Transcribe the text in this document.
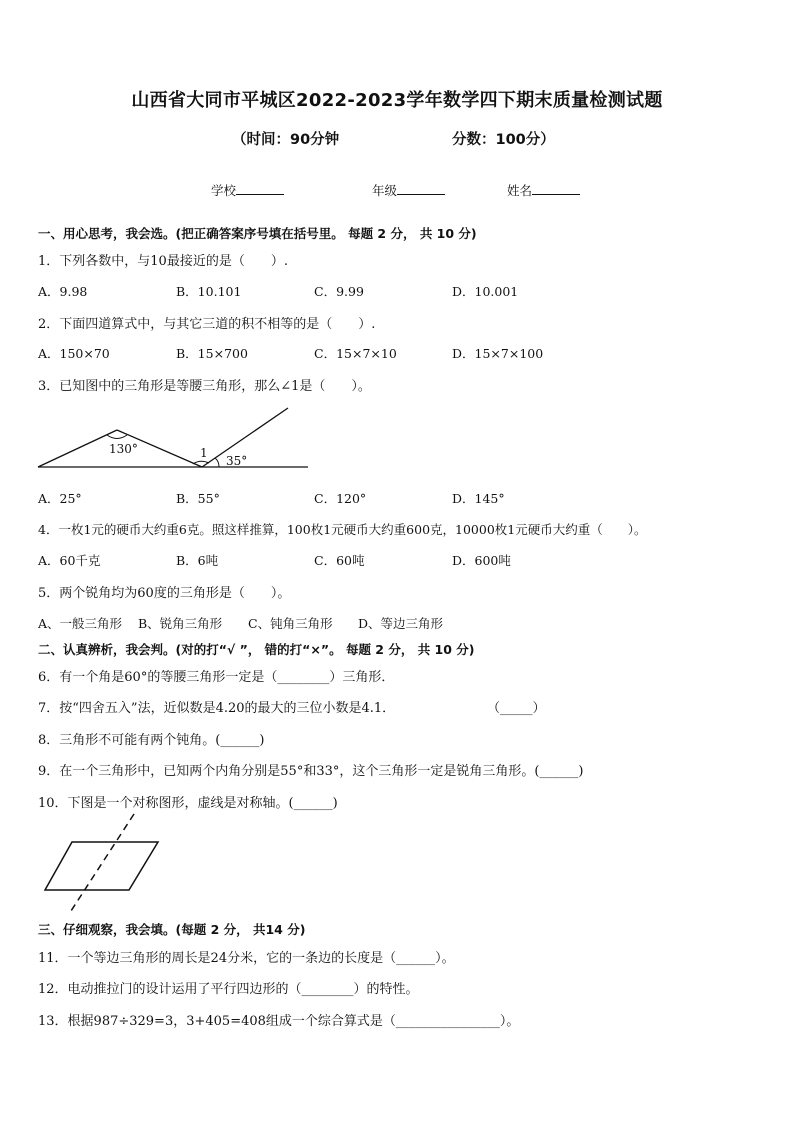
山西省大同市平城区2022-2023学年数学四下期末质量检测试题
（时间：90分钟	分数：100分）
学校	年级	姓名
一、用心思考，我会选。(把正确答案序号填在括号里。 每题 2 分， 共 10 分)
1．下列各数中，与10最接近的是（　　）.
A．9.98	B．10.101	C．9.99	D．10.001
2．下面四道算式中，与其它三道的积不相等的是（　　）.
A．150×70	B．15×700	C．15×7×10	D．15×7×100
3．已知图中的三角形是等腰三角形，那么∠1是（　　）。
130°	1
35°
A．25°	B．55°	C．120°	D．145°
4．一枚1元的硬币大约重6克。照这样推算，100枚1元硬币大约重600克，10000枚1元硬币大约重（　　）。
A．60千克	B．6吨	C．60吨	D．600吨
5．两个锐角均为60度的三角形是（　　）。
A、一般三角形 B、锐角三角形 C、钝角三角形 D、等边三角形
二、认真辨析，我会判。(对的打“√ ”， 错的打“×”。 每题 2 分， 共 10 分)
6．有一个角是60°的等腰三角形一定是（________）三角形．
7．按“四舍五入”法，近似数是4.20的最大的三位小数是4.1．	（_____）
8．三角形不可能有两个钝角。(______)
9．在一个三角形中，已知两个内角分别是55°和33°，这个三角形一定是锐角三角形。(______)
10．下图是一个对称图形，虚线是对称轴。(______)
三、仔细观察，我会填。(每题 2 分， 共14 分)
11．一个等边三角形的周长是24分米，它的一条边的长度是（______）。
12．电动推拉门的设计运用了平行四边形的（________）的特性。
13．根据987÷329=3，3+405=408组成一个综合算式是（________________）。
